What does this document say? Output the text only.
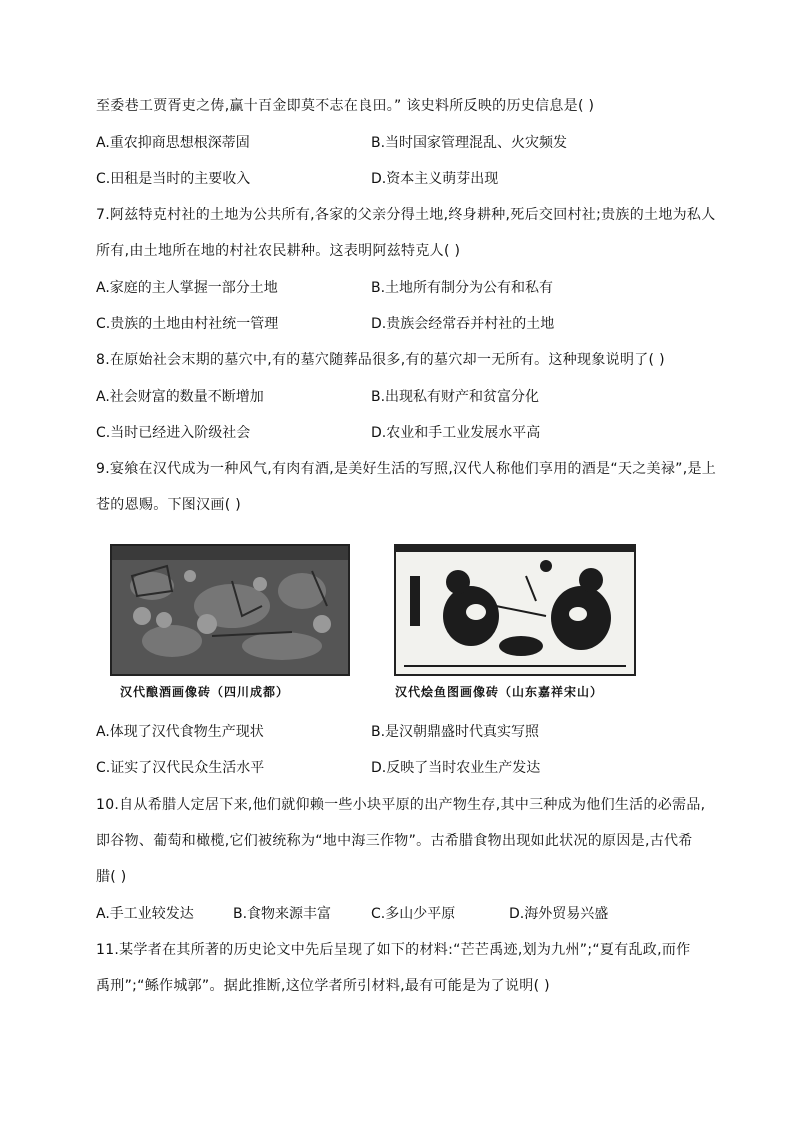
至委巷工贾胥吏之俦,赢十百金即莫不志在良田。” 该史料所反映的历史信息是( )
A.重农抑商思想根深蒂固	B.当时国家管理混乱、火灾频发
C.田租是当时的主要收入	D.资本主义萌芽出现
7.阿兹特克村社的土地为公共所有,各家的父亲分得土地,终身耕种,死后交回村社;贵族的土地为私人
所有,由土地所在地的村社农民耕种。这表明阿兹特克人( )
A.家庭的主人掌握一部分土地	B.土地所有制分为公有和私有
C.贵族的土地由村社统一管理	D.贵族会经常吞并村社的土地
8.在原始社会末期的墓穴中,有的墓穴随葬品很多,有的墓穴却一无所有。这种现象说明了( )
A.社会财富的数量不断增加	B.出现私有财产和贫富分化
C.当时已经进入阶级社会	D.农业和手工业发展水平高
9.宴飨在汉代成为一种风气,有肉有酒,是美好生活的写照,汉代人称他们享用的酒是“天之美禄”,是上
苍的恩赐。下图汉画( )
汉代酿酒画像砖（四川成都）	汉代烩鱼图画像砖（山东嘉祥宋山）
A.体现了汉代食物生产现状	B.是汉朝鼎盛时代真实写照
C.证实了汉代民众生活水平	D.反映了当时农业生产发达
10.自从希腊人定居下来,他们就仰赖一些小块平原的出产物生存,其中三种成为他们生活的必需品,
即谷物、葡萄和橄榄,它们被统称为“地中海三作物”。古希腊食物出现如此状况的原因是,古代希
腊( )
A.手工业较发达	B.食物来源丰富	C.多山少平原	D.海外贸易兴盛
11.某学者在其所著的历史论文中先后呈现了如下的材料:“芒芒禹迹,划为九州”;“夏有乱政,而作
禹刑”;“鲧作城郭”。据此推断,这位学者所引材料,最有可能是为了说明( )
